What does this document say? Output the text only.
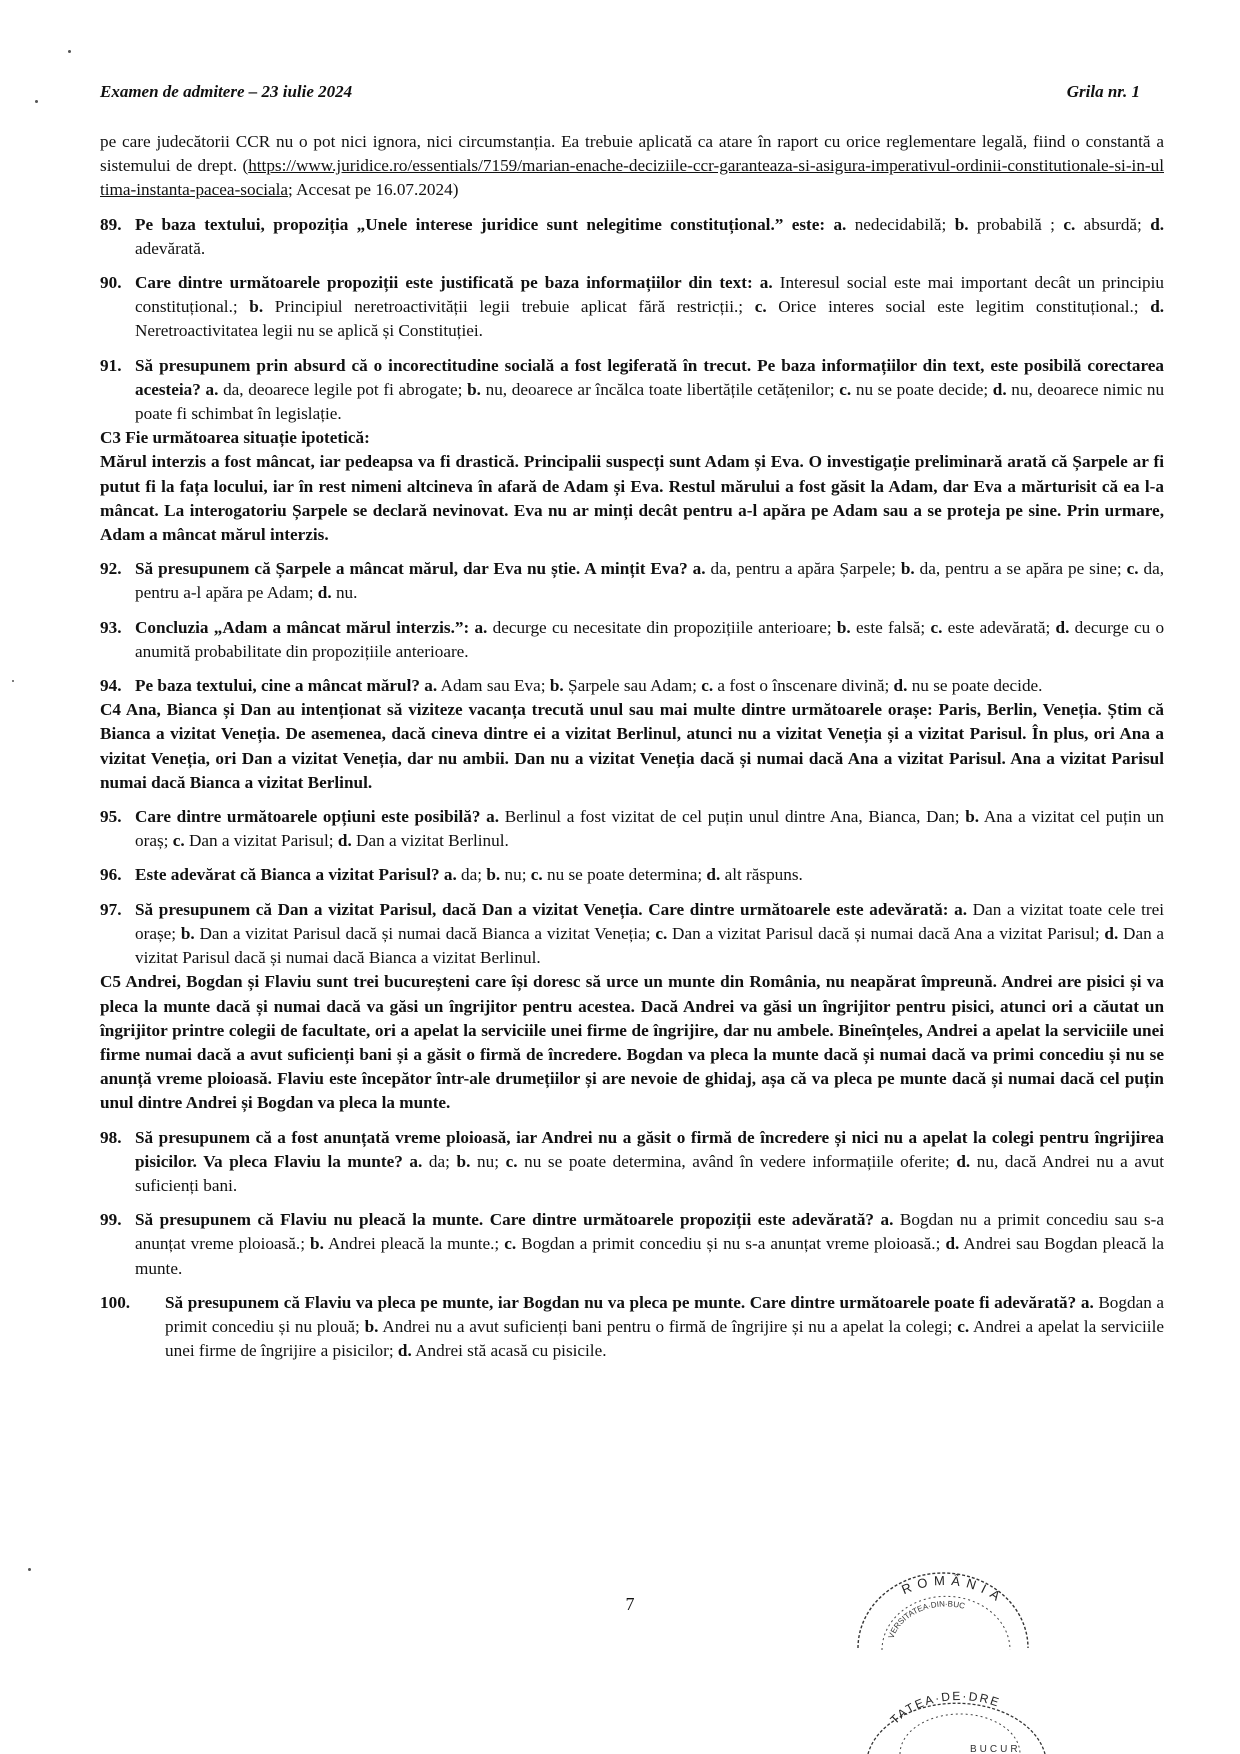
Examen de admitere – 23 iulie 2024	Grila nr. 1

pe care judecătorii CCR nu o pot nici ignora, nici circumstanția. Ea trebuie aplicată ca atare în raport cu orice reglementare legală, fiind o constantă a sistemului de drept. (https://www.juridice.ro/essentials/7159/marian-enache-deciziile-ccr-garanteaza-si-asigura-imperativul-ordinii-constitutionale-si-in-ultima-instanta-pacea-sociala; Accesat pe 16.07.2024)

89. Pe baza textului, propoziția „Unele interese juridice sunt nelegitime constituțional.” este: a. nedecidabilă; b. probabilă ; c. absurdă; d. adevărată.
90. Care dintre următoarele propoziții este justificată pe baza informațiilor din text: a. Interesul social este mai important decât un principiu constituțional.; b. Principiul neretroactivității legii trebuie aplicat fără restricții.; c. Orice interes social este legitim constituțional.; d. Neretroactivitatea legii nu se aplică și Constituției.
91. Să presupunem prin absurd că o incorectitudine socială a fost legiferată în trecut. Pe baza informațiilor din text, este posibilă corectarea acesteia? a. da, deoarece legile pot fi abrogate; b. nu, deoarece ar încălca toate libertățile cetățenilor; c. nu se poate decide; d. nu, deoarece nimic nu poate fi schimbat în legislație.

C3 Fie următoarea situație ipotetică:

Mărul interzis a fost mâncat, iar pedeapsa va fi drastică. Principalii suspecți sunt Adam și Eva. O investigație preliminară arată că Șarpele ar fi putut fi la fața locului, iar în rest nimeni altcineva în afară de Adam și Eva. Restul mărului a fost găsit la Adam, dar Eva a mărturisit că ea l-a mâncat. La interogatoriu Șarpele se declară nevinovat. Eva nu ar minți decât pentru a-l apăra pe Adam sau a se proteja pe sine. Prin urmare, Adam a mâncat mărul interzis.

92. Să presupunem că Șarpele a mâncat mărul, dar Eva nu știe. A mințit Eva? a. da, pentru a apăra Șarpele; b. da, pentru a se apăra pe sine; c. da, pentru a-l apăra pe Adam; d. nu.
93. Concluzia „Adam a mâncat mărul interzis.”: a. decurge cu necesitate din propozițiile anterioare; b. este falsă; c. este adevărată; d. decurge cu o anumită probabilitate din propozițiile anterioare.
94. Pe baza textului, cine a mâncat mărul? a. Adam sau Eva; b. Șarpele sau Adam; c. a fost o înscenare divină; d. nu se poate decide.

C4 Ana, Bianca și Dan au intenționat să viziteze vacanța trecută unul sau mai multe dintre următoarele orașe: Paris, Berlin, Veneția. Știm că Bianca a vizitat Veneția. De asemenea, dacă cineva dintre ei a vizitat Berlinul, atunci nu a vizitat Veneția și a vizitat Parisul. În plus, ori Ana a vizitat Veneția, ori Dan a vizitat Veneția, dar nu ambii. Dan nu a vizitat Veneția dacă și numai dacă Ana a vizitat Parisul. Ana a vizitat Parisul numai dacă Bianca a vizitat Berlinul.

95. Care dintre următoarele opțiuni este posibilă? a. Berlinul a fost vizitat de cel puțin unul dintre Ana, Bianca, Dan; b. Ana a vizitat cel puțin un oraș; c. Dan a vizitat Parisul; d. Dan a vizitat Berlinul.
96. Este adevărat că Bianca a vizitat Parisul? a. da; b. nu; c. nu se poate determina; d. alt răspuns.
97. Să presupunem că Dan a vizitat Parisul, dacă Dan a vizitat Veneția. Care dintre următoarele este adevărată: a. Dan a vizitat toate cele trei orașe; b. Dan a vizitat Parisul dacă și numai dacă Bianca a vizitat Veneția; c. Dan a vizitat Parisul dacă și numai dacă Ana a vizitat Parisul; d. Dan a vizitat Parisul dacă și numai dacă Bianca a vizitat Berlinul.

C5 Andrei, Bogdan și Flaviu sunt trei bucureșteni care își doresc să urce un munte din România, nu neapărat împreună. Andrei are pisici și va pleca la munte dacă și numai dacă va găsi un îngrijitor pentru acestea. Dacă Andrei va găsi un îngrijitor pentru pisici, atunci ori a căutat un îngrijitor printre colegii de facultate, ori a apelat la serviciile unei firme de îngrijire, dar nu ambele. Bineînțeles, Andrei a apelat la serviciile unei firme numai dacă a avut suficienți bani și a găsit o firmă de încredere. Bogdan va pleca la munte dacă și numai dacă va primi concediu și nu se anunță vreme ploioasă. Flaviu este începător într-ale drumețiilor și are nevoie de ghidaj, așa că va pleca pe munte dacă și numai dacă cel puțin unul dintre Andrei și Bogdan va pleca la munte.

98. Să presupunem că a fost anunțată vreme ploioasă, iar Andrei nu a găsit o firmă de încredere și nici nu a apelat la colegi pentru îngrijirea pisicilor. Va pleca Flaviu la munte? a. da; b. nu; c. nu se poate determina, având în vedere informațiile oferite; d. nu, dacă Andrei nu a avut suficienți bani.
99. Să presupunem că Flaviu nu pleacă la munte. Care dintre următoarele propoziții este adevărată? a. Bogdan nu a primit concediu sau s-a anunțat vreme ploioasă.; b. Andrei pleacă la munte.; c. Bogdan a primit concediu și nu s-a anunțat vreme ploioasă.; d. Andrei sau Bogdan pleacă la munte.
100.	Să presupunem că Flaviu va pleca pe munte, iar Bogdan nu va pleca pe munte. Care dintre următoarele poate fi adevărată? a. Bogdan a primit concediu și nu plouă; b. Andrei nu a avut suficienți bani pentru o firmă de îngrijire și nu a apelat la colegi; c. Andrei a apelat la serviciile unei firme de îngrijire a pisicilor; d. Andrei stă acasă cu pisicile.
7
ROMÂNIA
VERSITATEA·DIN·BUC
TATEA·DE·DRE
BUCUR
